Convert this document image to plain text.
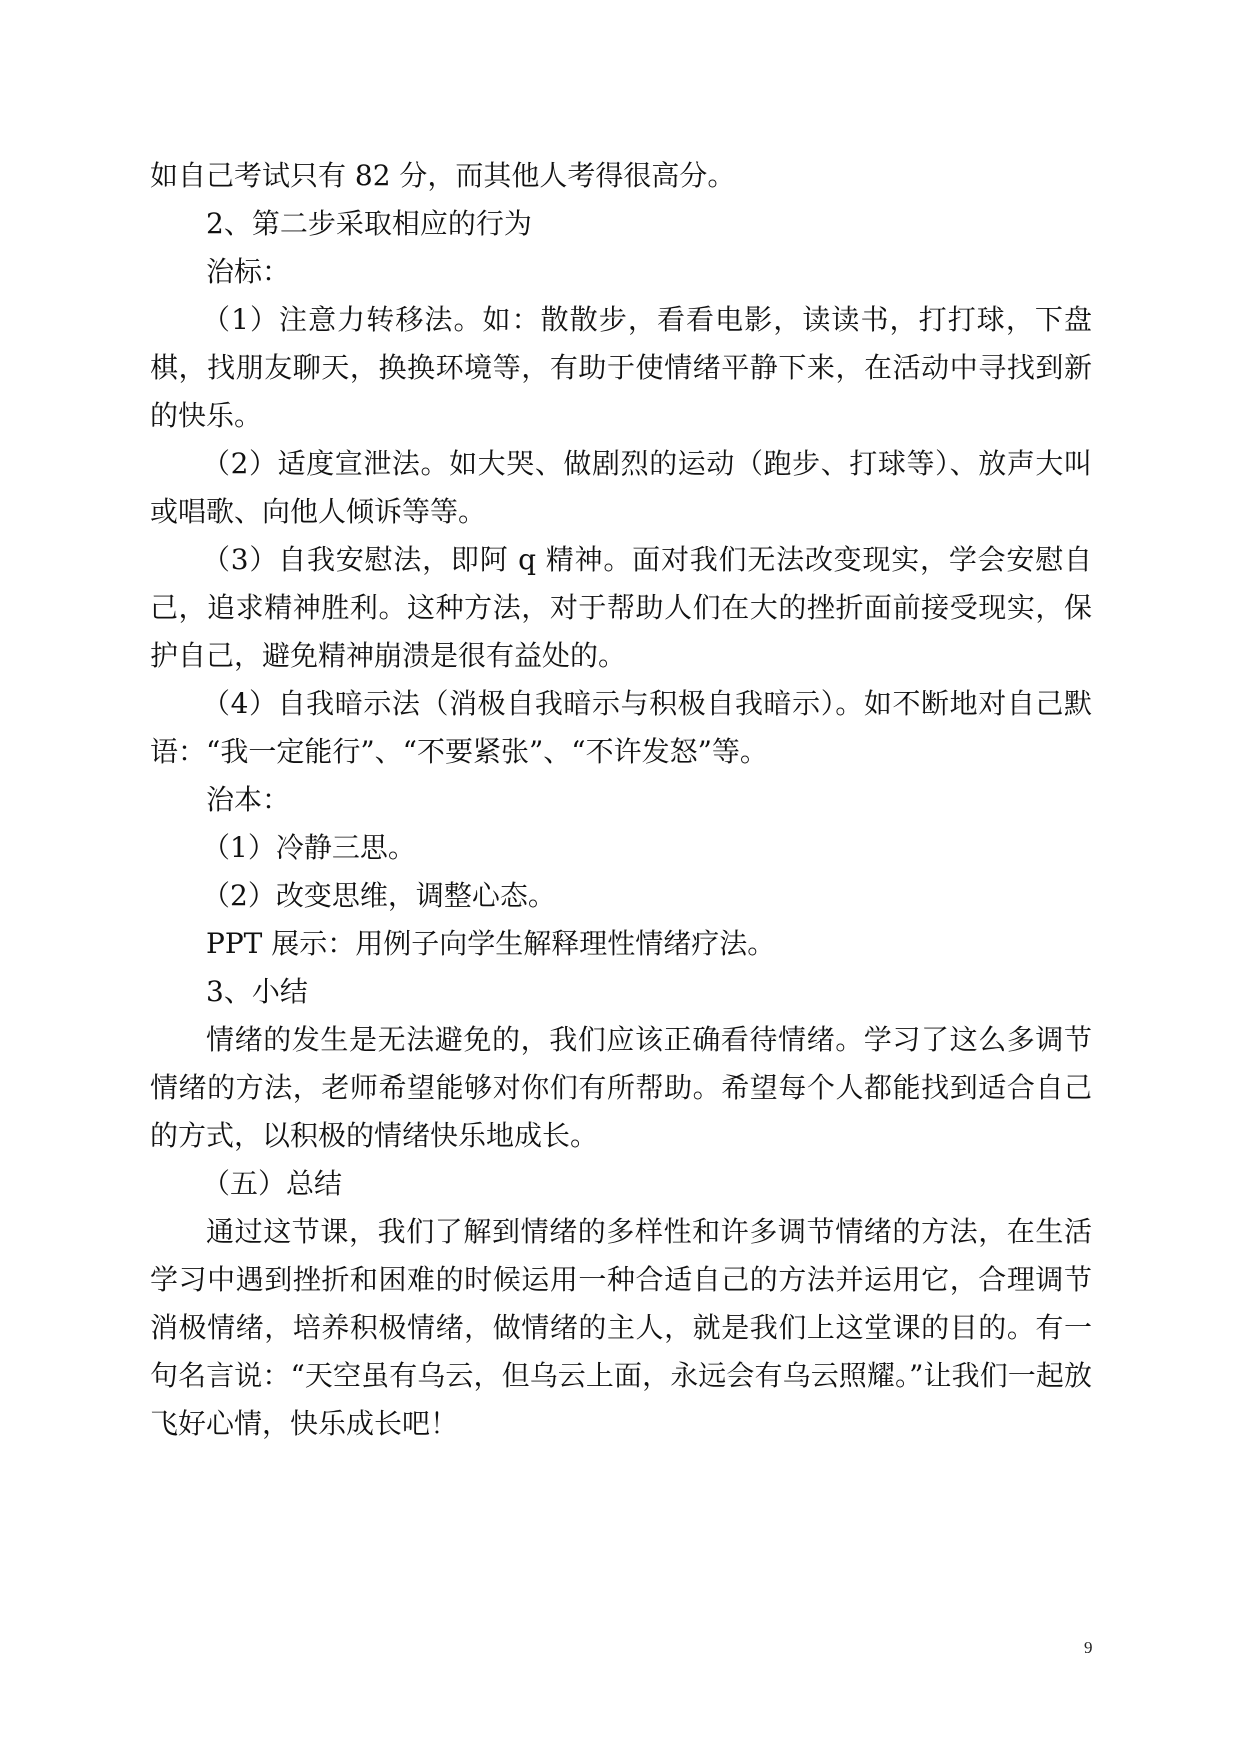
如自己考试只有 82 分，而其他人考得很高分。

2、第二步采取相应的行为

治标：

（1）注意力转移法。如：散散步，看看电影，读读书，打打球，下盘棋，找朋友聊天，换换环境等，有助于使情绪平静下来，在活动中寻找到新的快乐。

（2）适度宣泄法。如大哭、做剧烈的运动（跑步、打球等）、放声大叫或唱歌、向他人倾诉等等。

（3）自我安慰法，即阿 q 精神。面对我们无法改变现实，学会安慰自己，追求精神胜利。这种方法，对于帮助人们在大的挫折面前接受现实，保护自己，避免精神崩溃是很有益处的。

（4）自我暗示法（消极自我暗示与积极自我暗示）。如不断地对自己默语：“我一定能行”、“不要紧张”、“不许发怒”等。

治本：

（1）冷静三思。

（2）改变思维，调整心态。

PPT 展示：用例子向学生解释理性情绪疗法。

3、小结

情绪的发生是无法避免的，我们应该正确看待情绪。学习了这么多调节情绪的方法，老师希望能够对你们有所帮助。希望每个人都能找到适合自己的方式，以积极的情绪快乐地成长。

（五）总结

通过这节课，我们了解到情绪的多样性和许多调节情绪的方法，在生活学习中遇到挫折和困难的时候运用一种合适自己的方法并运用它，合理调节消极情绪，培养积极情绪，做情绪的主人，就是我们上这堂课的目的。有一句名言说：“天空虽有乌云，但乌云上面，永远会有乌云照耀。”让我们一起放飞好心情，快乐成长吧！

9
